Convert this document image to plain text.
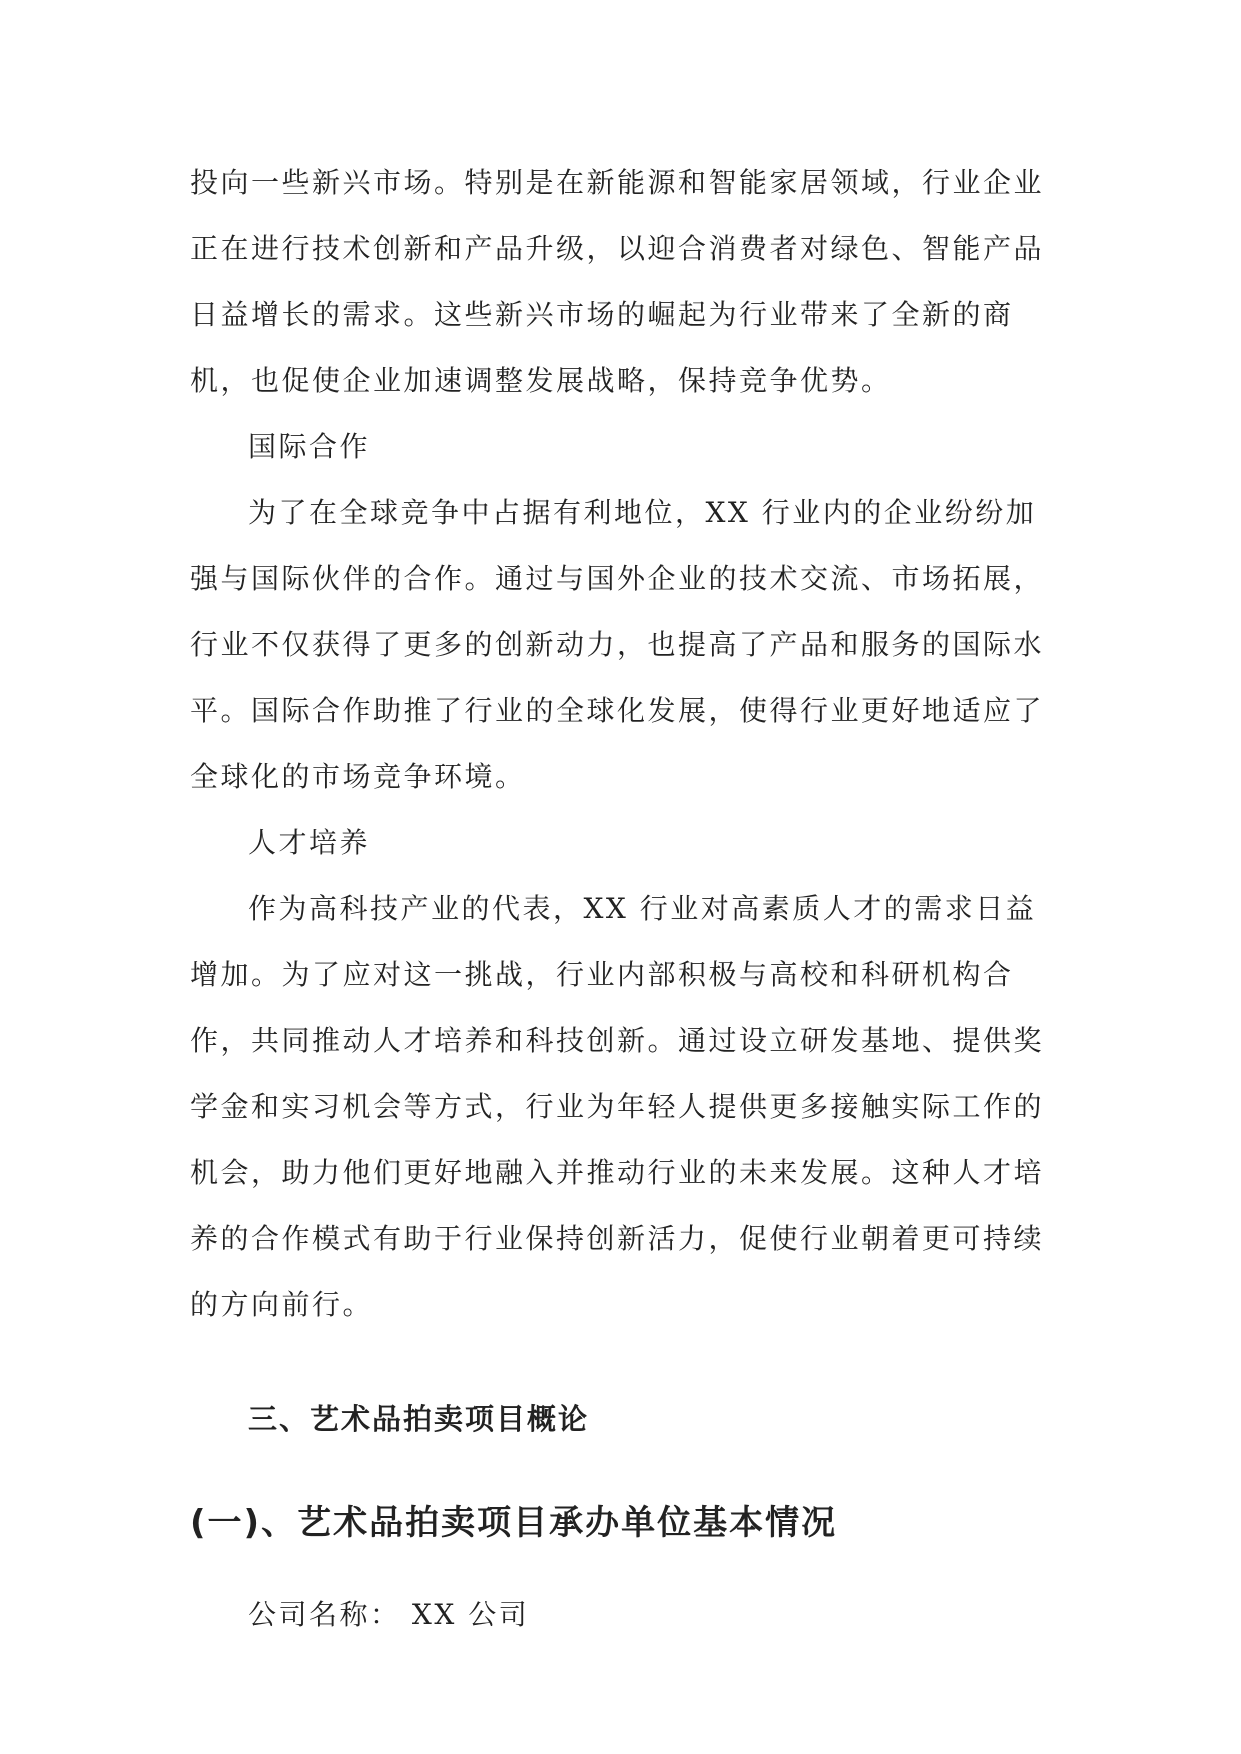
投向一些新兴市场。特别是在新能源和智能家居领域，行业企业正在进行技术创新和产品升级，以迎合消费者对绿色、智能产品日益增长的需求。这些新兴市场的崛起为行业带来了全新的商机，也促使企业加速调整发展战略，保持竞争优势。

国际合作

为了在全球竞争中占据有利地位，XX 行业内的企业纷纷加强与国际伙伴的合作。通过与国外企业的技术交流、市场拓展，行业不仅获得了更多的创新动力，也提高了产品和服务的国际水平。国际合作助推了行业的全球化发展，使得行业更好地适应了全球化的市场竞争环境。

人才培养

作为高科技产业的代表，XX 行业对高素质人才的需求日益增加。为了应对这一挑战，行业内部积极与高校和科研机构合作，共同推动人才培养和科技创新。通过设立研发基地、提供奖学金和实习机会等方式，行业为年轻人提供更多接触实际工作的机会，助力他们更好地融入并推动行业的未来发展。这种人才培养的合作模式有助于行业保持创新活力，促使行业朝着更可持续的方向前行。

三、艺术品拍卖项目概论

(一)、艺术品拍卖项目承办单位基本情况

公司名称： XX 公司
